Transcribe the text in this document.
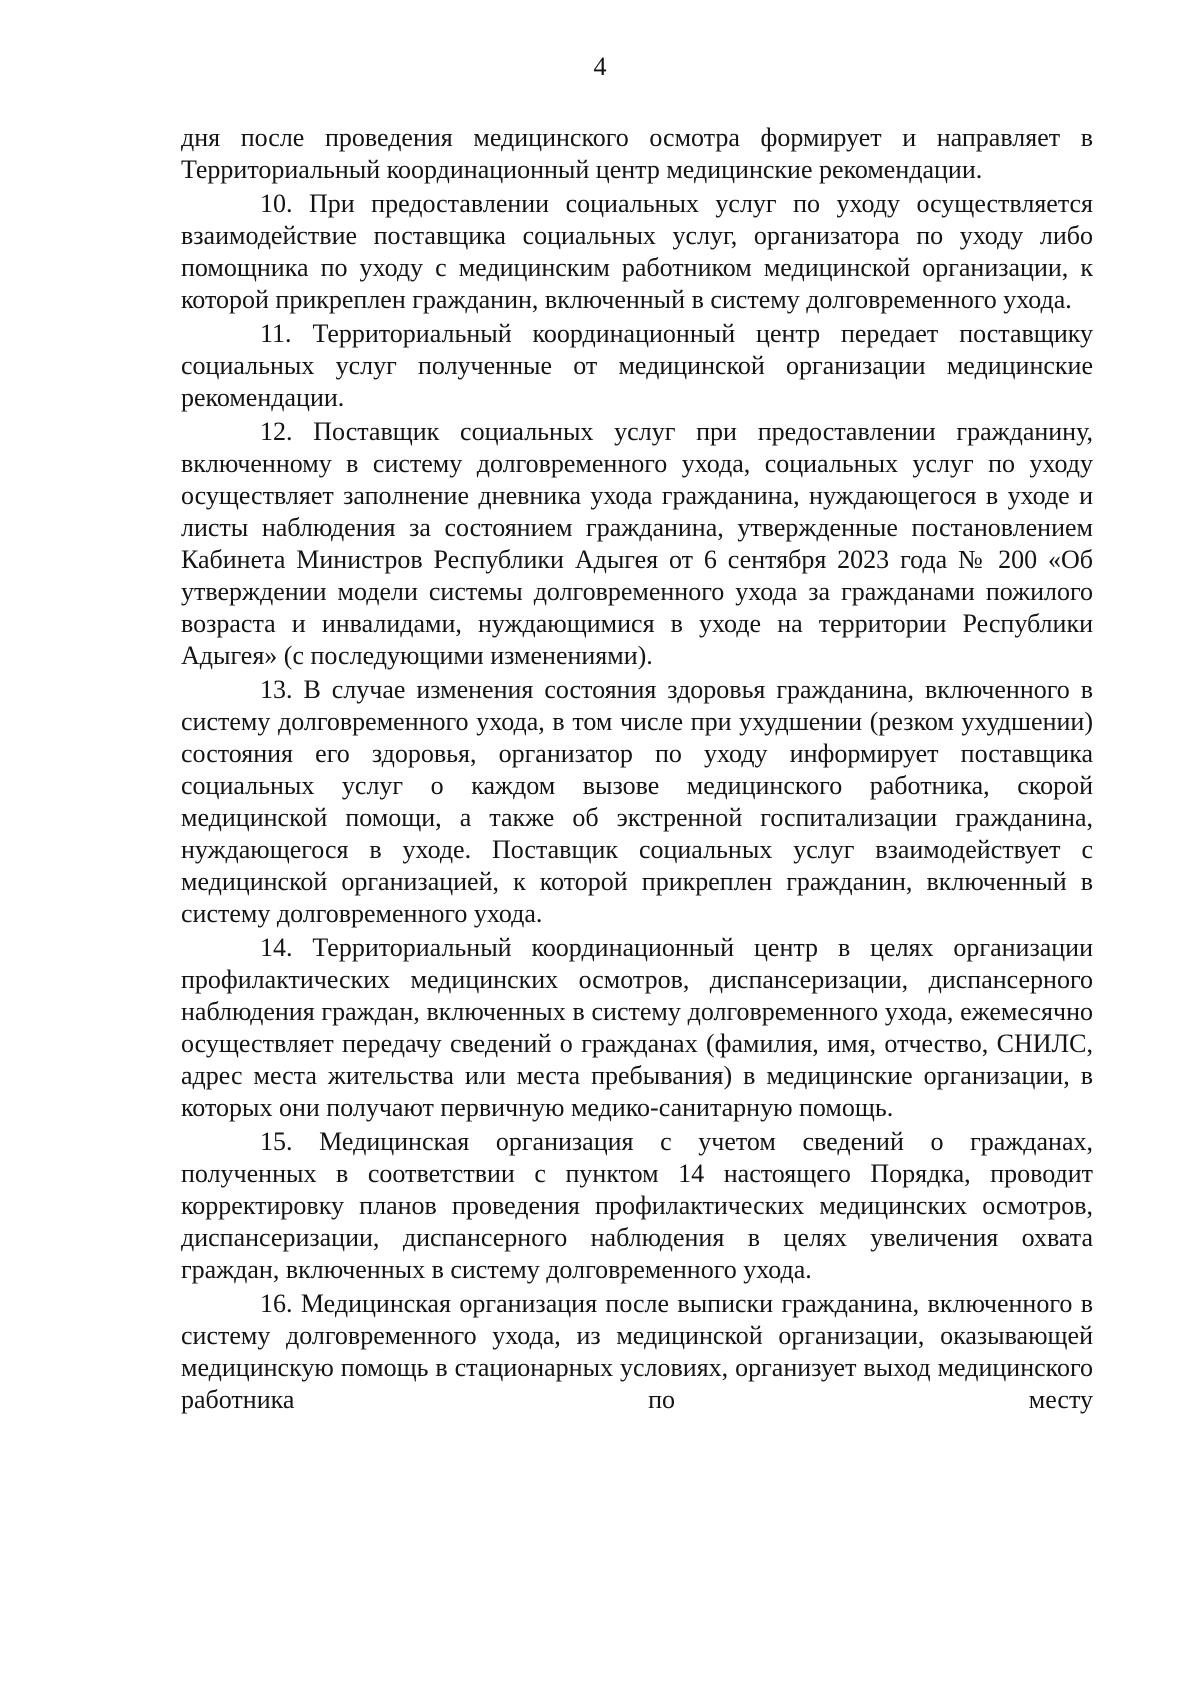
4

дня после проведения медицинского осмотра формирует и направляет в Территориальный координационный центр медицинские рекомендации.

10. При предоставлении социальных услуг по уходу осуществляется взаимодействие поставщика социальных услуг, организатора по уходу либо помощника по уходу с медицинским работником медицинской организации, к которой прикреплен гражданин, включенный в систему долговременного ухода.

11. Территориальный координационный центр передает поставщику социальных услуг полученные от медицинской организации медицинские рекомендации.

12. Поставщик социальных услуг при предоставлении гражданину, включенному в систему долговременного ухода, социальных услуг по уходу осуществляет заполнение дневника ухода гражданина, нуждающегося в уходе и листы наблюдения за состоянием гражданина, утвержденные постановлением Кабинета Министров Республики Адыгея от 6 сентября 2023 года № 200 «Об утверждении модели системы долговременного ухода за гражданами пожилого возраста и инвалидами, нуждающимися в уходе на территории Республики Адыгея» (с последующими изменениями).

13. В случае изменения состояния здоровья гражданина, включенного в систему долговременного ухода, в том числе при ухудшении (резком ухудшении) состояния его здоровья, организатор по уходу информирует поставщика социальных услуг о каждом вызове медицинского работника, скорой медицинской помощи, а также об экстренной госпитализации гражданина, нуждающегося в уходе. Поставщик социальных услуг взаимодействует с медицинской организацией, к которой прикреплен гражданин, включенный в систему долговременного ухода.

14. Территориальный координационный центр в целях организации профилактических медицинских осмотров, диспансеризации, диспансерного наблюдения граждан, включенных в систему долговременного ухода, ежемесячно осуществляет передачу сведений о гражданах (фамилия, имя, отчество, СНИЛС, адрес места жительства или места пребывания) в медицинские организации, в которых они получают первичную медико-санитарную помощь.

15. Медицинская организация с учетом сведений о гражданах, полученных в соответствии с пунктом 14 настоящего Порядка, проводит корректировку планов проведения профилактических медицинских осмотров, диспансеризации, диспансерного наблюдения в целях увеличения охвата граждан, включенных в систему долговременного ухода.

16. Медицинская организация после выписки гражданина, включенного в систему долговременного ухода, из медицинской организации, оказывающей медицинскую помощь в стационарных условиях, организует выход медицинского работника по месту
